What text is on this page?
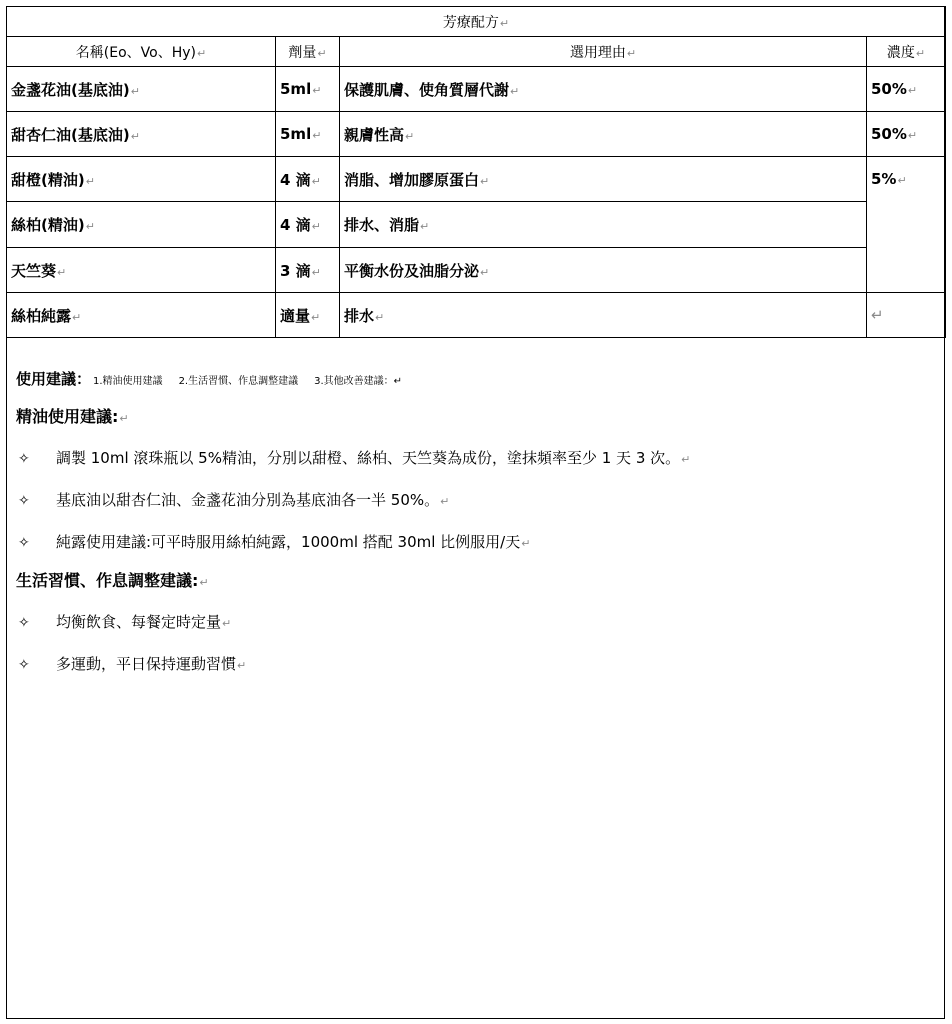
芳療配方↵			
名稱(Eo、Vo、Hy)↵	劑量↵	選用理由↵	濃度↵
金盞花油(基底油)↵	5ml↵	保護肌膚、使角質層代謝↵	50%↵
甜杏仁油(基底油)↵	5ml↵	親膚性高↵	50%↵
甜橙(精油)↵	4 滴↵	消脂、增加膠原蛋白↵	5%↵
絲柏(精油)↵	4 滴↵	排水、消脂↵	
天竺葵↵	3 滴↵	平衡水份及油脂分泌↵	
絲柏純露↵	適量↵	排水↵	↵
使用建議： 1.精油使用建議 2.生活習慣、作息調整建議 3.其他改善建議：↵
精油使用建議:↵
✧ 調製 10ml 滾珠瓶以 5%精油，分別以甜橙、絲柏、天竺葵為成份，塗抹頻率至少 1 天 3 次。↵
✧ 基底油以甜杏仁油、金盞花油分別為基底油各一半 50%。↵
✧ 純露使用建議:可平時服用絲柏純露，1000ml 搭配 30ml 比例服用/天↵
生活習慣、作息調整建議:↵
✧ 均衡飲食、每餐定時定量↵
✧ 多運動，平日保持運動習慣↵
